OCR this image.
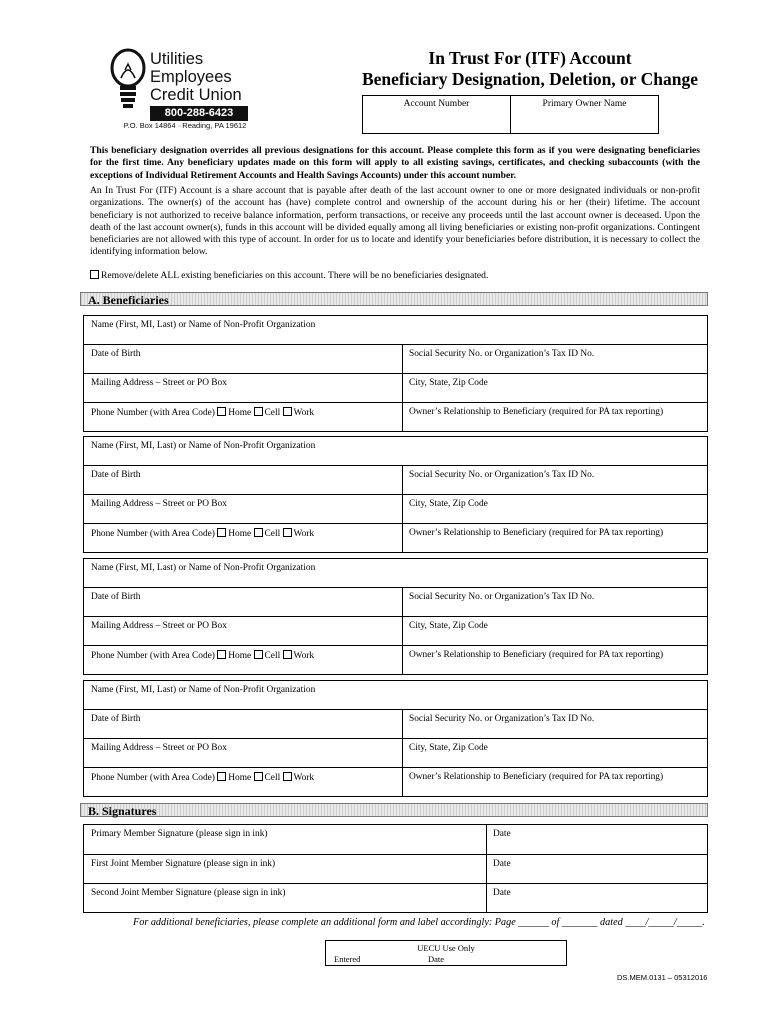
Utilities
Employees
Credit Union
800-288-6423
P.O. Box 14864 · Reading, PA 19612
In Trust For (ITF) Account
Beneficiary Designation, Deletion, or Change
Account Number	Primary Owner Name
This beneficiary designation overrides all previous designations for this account. Please complete this form as if you were designating beneficiaries for the first time. Any beneficiary updates made on this form will apply to all existing savings, certificates, and checking subaccounts (with the exceptions of Individual Retirement Accounts and Health Savings Accounts) under this account number.
An In Trust For (ITF) Account is a share account that is payable after death of the last account owner to one or more designated individuals or non-profit organizations. The owner(s) of the account has (have) complete control and ownership of the account during his or her (their) lifetime. The account beneficiary is not authorized to receive balance information, perform transactions, or receive any proceeds until the last account owner is deceased. Upon the death of the last account owner(s), funds in this account will be divided equally among all living beneficiaries or existing non-profit organizations. Contingent beneficiaries are not allowed with this type of account. In order for us to locate and identify your beneficiaries before distribution, it is necessary to collect the identifying information below.
Remove/delete ALL existing beneficiaries on this account. There will be no beneficiaries designated.
A. Beneficiaries
Name (First, MI, Last) or Name of Non-Profit Organization
Date of Birth	Social Security No. or Organization’s Tax ID No.
Mailing Address – Street or PO Box	City, State, Zip Code
Phone Number (with Area Code) Home Cell Work	Owner’s Relationship to Beneficiary (required for PA tax reporting)
Name (First, MI, Last) or Name of Non-Profit Organization
Date of Birth	Social Security No. or Organization’s Tax ID No.
Mailing Address – Street or PO Box	City, State, Zip Code
Phone Number (with Area Code) Home Cell Work	Owner’s Relationship to Beneficiary (required for PA tax reporting)
Name (First, MI, Last) or Name of Non-Profit Organization
Date of Birth	Social Security No. or Organization’s Tax ID No.
Mailing Address – Street or PO Box	City, State, Zip Code
Phone Number (with Area Code) Home Cell Work	Owner’s Relationship to Beneficiary (required for PA tax reporting)
Name (First, MI, Last) or Name of Non-Profit Organization
Date of Birth	Social Security No. or Organization’s Tax ID No.
Mailing Address – Street or PO Box	City, State, Zip Code
Phone Number (with Area Code) Home Cell Work	Owner’s Relationship to Beneficiary (required for PA tax reporting)
B. Signatures
Primary Member Signature (please sign in ink)	Date
First Joint Member Signature (please sign in ink)	Date
Second Joint Member Signature (please sign in ink)	Date
For additional beneficiaries, please complete an additional form and label accordingly: Page ______ of _______ dated ____/_____/_____.
UECU Use Only
Entered	Date
DS.MEM.0131 – 05312016
